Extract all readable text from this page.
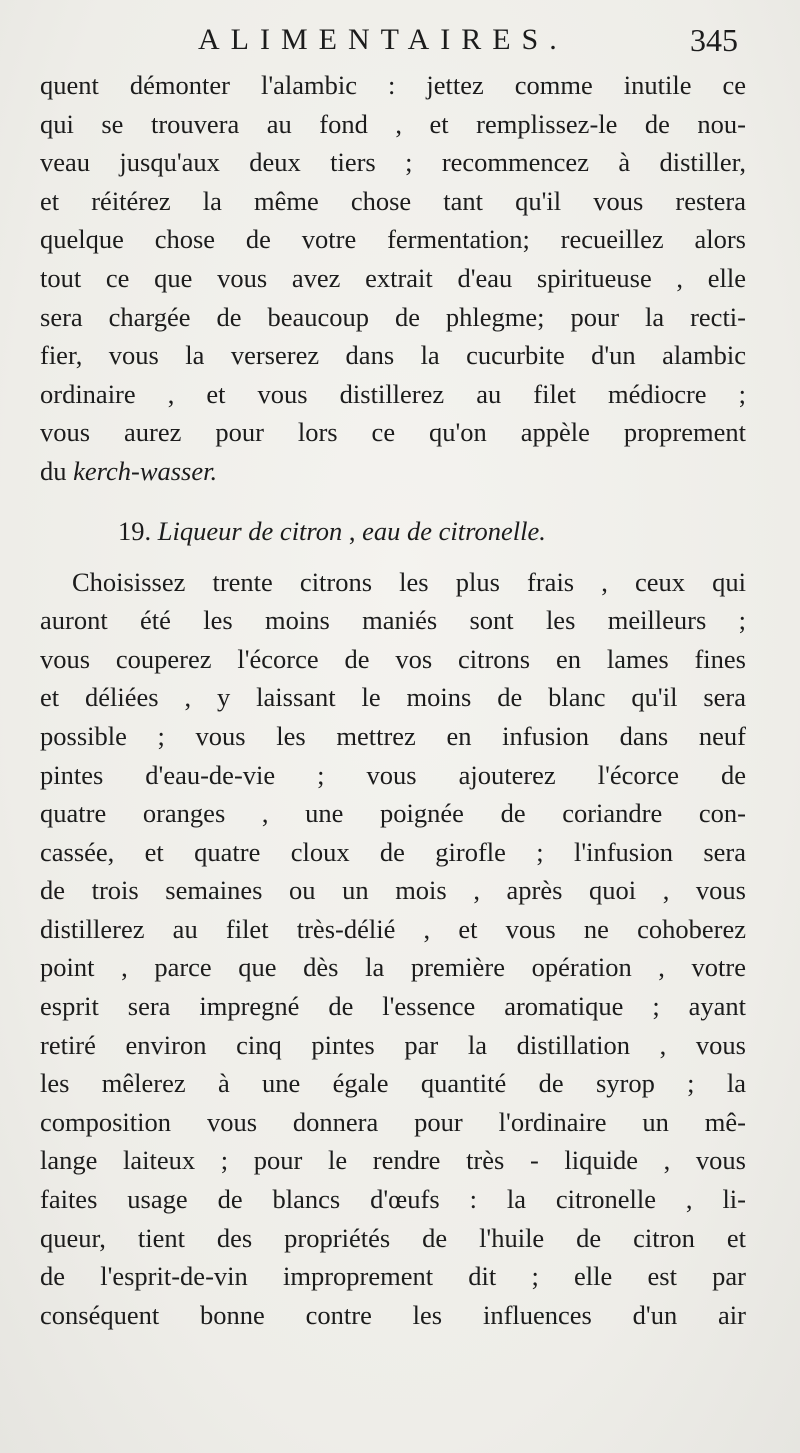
ALIMENTAIRES.	345
quent démonter l'alambic : jettez comme inutile ce
qui se trouvera au fond , et remplissez-le de nou-
veau jusqu'aux deux tiers ; recommencez à distiller,
et réitérez la même chose tant qu'il vous restera
quelque chose de votre fermentation; recueillez alors
tout ce que vous avez extrait d'eau spiritueuse , elle
sera chargée de beaucoup de phlegme; pour la recti-
fier, vous la verserez dans la cucurbite d'un alambic
ordinaire , et vous distillerez au filet médiocre ;
vous aurez pour lors ce qu'on appèle proprement
du kerch-wasser.
19. Liqueur de citron , eau de citronelle.
Choisissez trente citrons les plus frais , ceux qui
auront été les moins maniés sont les meilleurs ;
vous couperez l'écorce de vos citrons en lames fines
et déliées , y laissant le moins de blanc qu'il sera
possible ; vous les mettrez en infusion dans neuf
pintes d'eau-de-vie ; vous ajouterez l'écorce de
quatre oranges , une poignée de coriandre con-
cassée, et quatre cloux de girofle ; l'infusion sera
de trois semaines ou un mois , après quoi , vous
distillerez au filet très-délié , et vous ne cohoberez
point , parce que dès la première opération , votre
esprit sera impregné de l'essence aromatique ; ayant
retiré environ cinq pintes par la distillation , vous
les mêlerez à une égale quantité de syrop ; la
composition vous donnera pour l'ordinaire un mê-
lange laiteux ; pour le rendre très - liquide , vous
faites usage de blancs d'œufs : la citronelle , li-
queur, tient des propriétés de l'huile de citron et
de l'esprit-de-vin improprement dit ; elle est par
conséquent bonne contre les influences d'un air
